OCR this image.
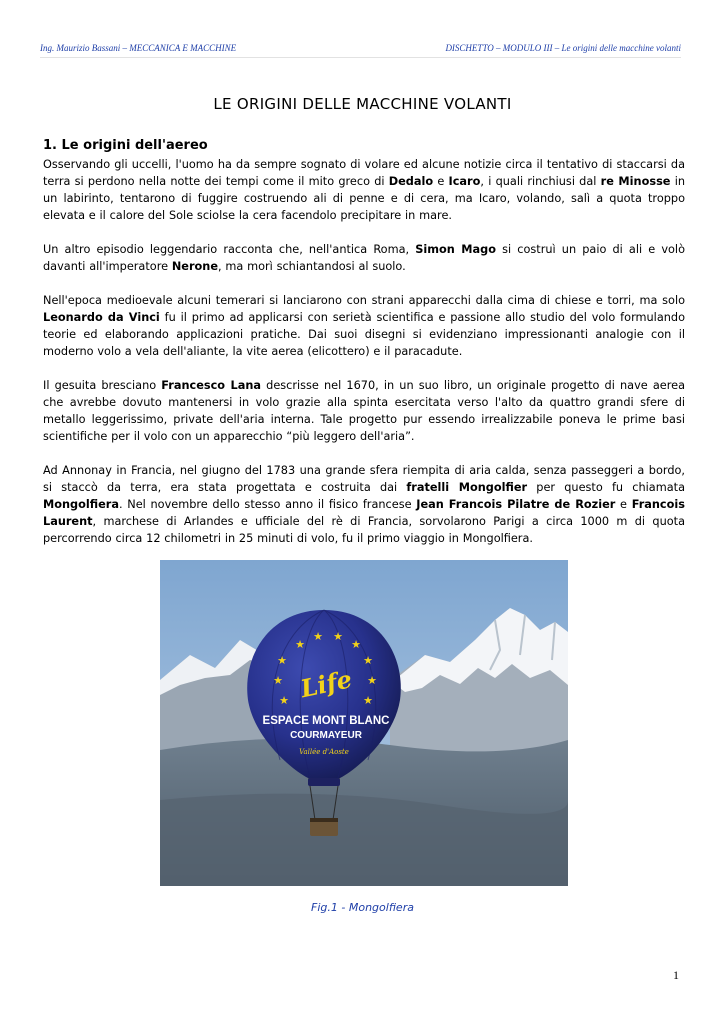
Ing. Maurizio Bassani – MECCANICA E MACCHINE	DISCHETTO – MODULO III – Le origini delle macchine volanti
LE ORIGINI DELLE MACCHINE VOLANTI
1. Le origini dell'aereo

Osservando gli uccelli, l'uomo ha da sempre sognato di volare ed alcune notizie circa il tentativo di staccarsi da terra si perdono nella notte dei tempi come il mito greco di Dedalo e Icaro, i quali rinchiusi dal re Minosse in un labirinto, tentarono di fuggire costruendo ali di penne e di cera, ma Icaro, volando, salì a quota troppo elevata e il calore del Sole sciolse la cera facendolo precipitare in mare.

Un altro episodio leggendario racconta che, nell'antica Roma, Simon Mago si costruì un paio di ali e volò davanti all'imperatore Nerone, ma morì schiantandosi al suolo.

Nell'epoca medioevale alcuni temerari si lanciarono con strani apparecchi dalla cima di chiese e torri, ma solo Leonardo da Vinci fu il primo ad applicarsi con serietà scientifica e passione allo studio del volo formulando teorie ed elaborando applicazioni pratiche. Dai suoi disegni si evidenziano impressionanti analogie con il moderno volo a vela dell'aliante, la vite aerea (elicottero) e il paracadute.

Il gesuita bresciano Francesco Lana descrisse nel 1670, in un suo libro, un originale progetto di nave aerea che avrebbe dovuto mantenersi in volo grazie alla spinta esercitata verso l'alto da quattro grandi sfere di metallo leggerissimo, private dell'aria interna. Tale progetto pur essendo irrealizzabile poneva le prime basi scientifiche per il volo con un apparecchio “più leggero dell'aria”.

Ad Annonay in Francia, nel giugno del 1783 una grande sfera riempita di aria calda, senza passeggeri a bordo, si staccò da terra, era stata progettata e costruita dai fratelli Mongolfier per questo fu chiamata Mongolfiera. Nel novembre dello stesso anno il fisico francese Jean Francois Pilatre de Rozier e Francois Laurent, marchese di Arlandes e ufficiale del rè di Francia, sorvolarono Parigi a circa 1000 m di quota percorrendo circa 12 chilometri in 25 minuti di volo, fu il primo viaggio in Mongolfiera.

★
★ ★
★
★
★
★
★
★
★ Life
ESPACE MONT BLANC
COURMAYEUR
Vallée d'Aoste
Fig.1 - Mongolfiera
1
